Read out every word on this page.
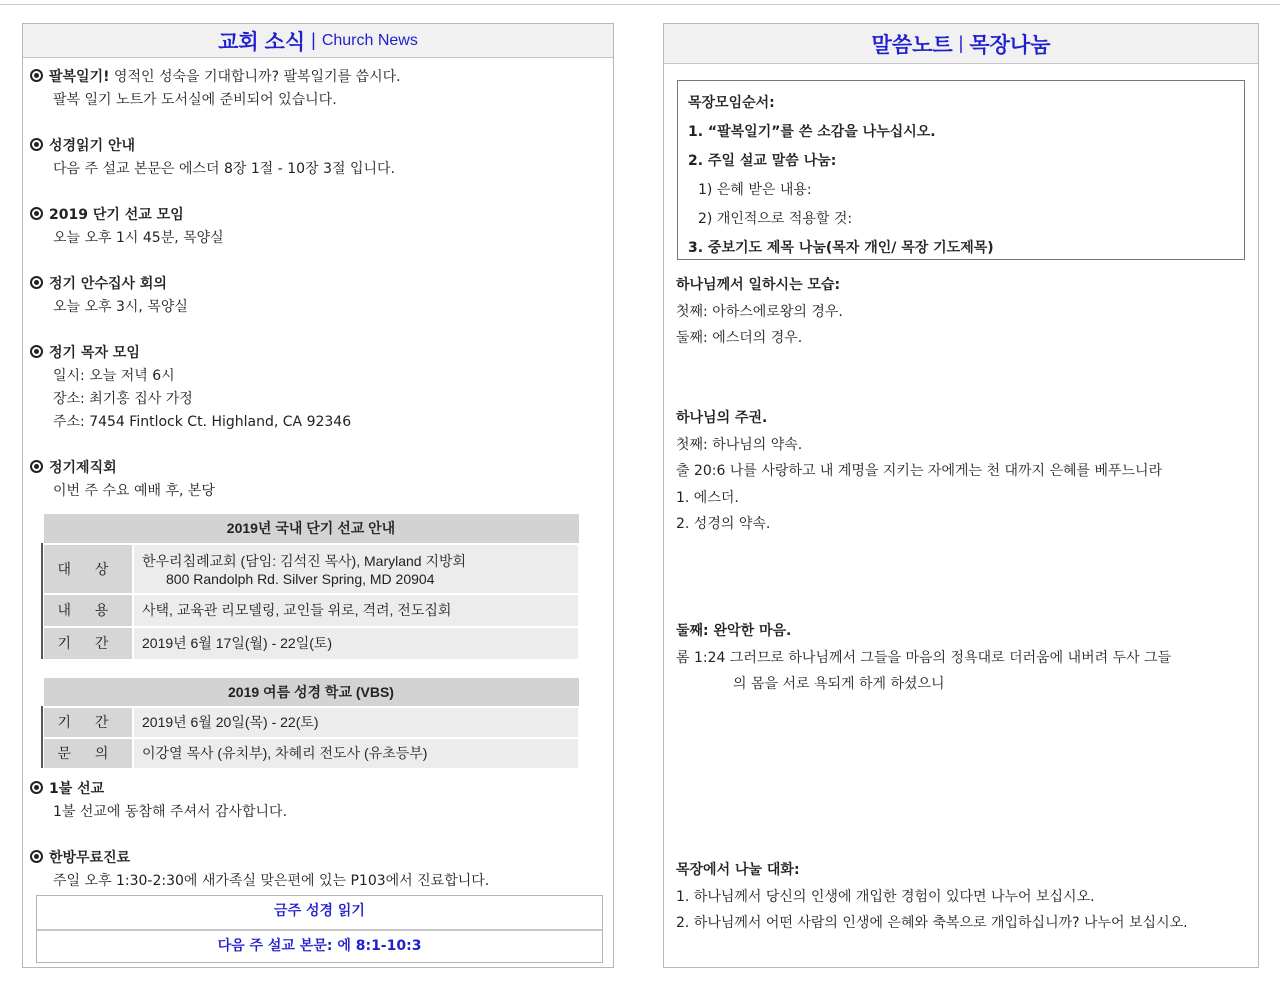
교회 소식 | Church News
팔복일기! 영적인 성숙을 기대합니까? 팔복일기를 씁시다.
팔복 일기 노트가 도서실에 준비되어 있습니다.
성경읽기 안내
다음 주 설교 본문은 에스더 8장 1절 - 10장 3절 입니다.
2019 단기 선교 모임
오늘 오후 1시 45분, 목양실
정기 안수집사 회의
오늘 오후 3시, 목양실
정기 목자 모임
일시: 오늘 저녁 6시
장소: 최기홍 집사 가정
주소: 7454 Fintlock Ct. Highland, CA 92346
정기제직회
이번 주 수요 예배 후, 본당
2019년 국내 단기 선교 안내	
대 상	한우리침례교회 (담임: 김석진 목사), Maryland 지방회
800 Randolph Rd. Silver Spring, MD 20904

내 용	사택, 교육관 리모델링, 교인들 위로, 격려, 전도집회
기 간	2019년 6월 17일(월) - 22일(토)
2019 여름 성경 학교 (VBS)	
기 간	2019년 6월 20일(목) - 22(토)
문 의	이강열 목사 (유치부), 차혜리 전도사 (유초등부)
1불 선교
1불 선교에 동참해 주셔서 감사합니다.
한방무료진료
주일 오후 1:30-2:30에 새가족실 맞은편에 있는 P103에서 진료합니다.
금주 성경 읽기
다음 주 설교 본문: 에 8:1-10:3
말씀노트 | 목장나눔
목장모임순서:
1. “팔복일기”를 쓴 소감을 나누십시오.
2. 주일 설교 말씀 나눔:
1) 은혜 받은 내용:
2) 개인적으로 적용할 것:
3. 중보기도 제목 나눔(목자 개인/ 목장 기도제목)
하나님께서 일하시는 모습:
첫째: 아하스에로왕의 경우.
둘째: 에스더의 경우.
하나님의 주권.
첫째: 하나님의 약속.
출 20:6 나를 사랑하고 내 계명을 지키는 자에게는 천 대까지 은혜를 베푸느니라
1. 에스더.
2. 성경의 약속.
둘째: 완악한 마음.
롬 1:24 그러므로 하나님께서 그들을 마음의 정욕대로 더러움에 내버려 두사 그들
의 몸을 서로 욕되게 하게 하셨으니
목장에서 나눌 대화:
1. 하나님께서 당신의 인생에 개입한 경험이 있다면 나누어 보십시오.
2. 하나님께서 어떤 사람의 인생에 은혜와 축복으로 개입하십니까? 나누어 보십시오.
